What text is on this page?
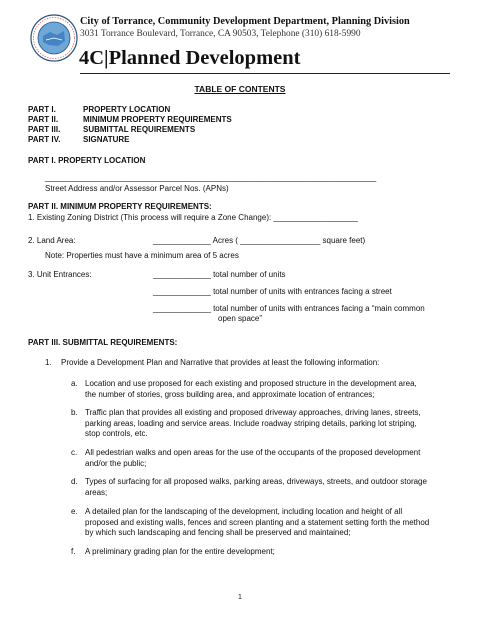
City of Torrance, Community Development Department, Planning Division
3031 Torrance Boulevard, Torrance, CA 90503, Telephone (310) 618-5990
4C|Planned Development
TABLE OF CONTENTS
PART I.	PROPERTY LOCATION
PART II.	MINIMUM PROPERTY REQUIREMENTS
PART III.	SUBMITTAL REQUIREMENTS
PART IV.	SIGNATURE
PART I. PROPERTY LOCATION
_____________________________________________________________________________
Street Address and/or Assessor Parcel Nos. (APNs)
PART II. MINIMUM PROPERTY REQUIREMENTS:
1. Existing Zoning District (This process will require a Zone Change): ___________________
2. Land Area:	_____________ Acres ( __________________ square feet)
Note: Properties must have a minimum area of 5 acres
3. Unit Entrances:	_____________ total number of units
_____________ total number of units with entrances facing a street
_____________ total number of units with entrances facing a “main common
open space”
PART III. SUBMITTAL REQUIREMENTS:
1. Provide a Development Plan and Narrative that provides at least the following information:
a. Location and use proposed for each existing and proposed structure in the development area,
the number of stories, gross building area, and approximate location of entrances;
b. Traffic plan that provides all existing and proposed driveway approaches, driving lanes, streets,
parking areas, loading and service areas. Include roadway striping details, parking lot striping,
stop controls, etc.
c. All pedestrian walks and open areas for the use of the occupants of the proposed development
and/or the public;
d. Types of surfacing for all proposed walks, parking areas, driveways, streets, and outdoor storage
areas;
e. A detailed plan for the landscaping of the development, including location and height of all
proposed and existing walls, fences and screen planting and a statement setting forth the method
by which such landscaping and fencing shall be preserved and maintained;
f. A preliminary grading plan for the entire development;
1
